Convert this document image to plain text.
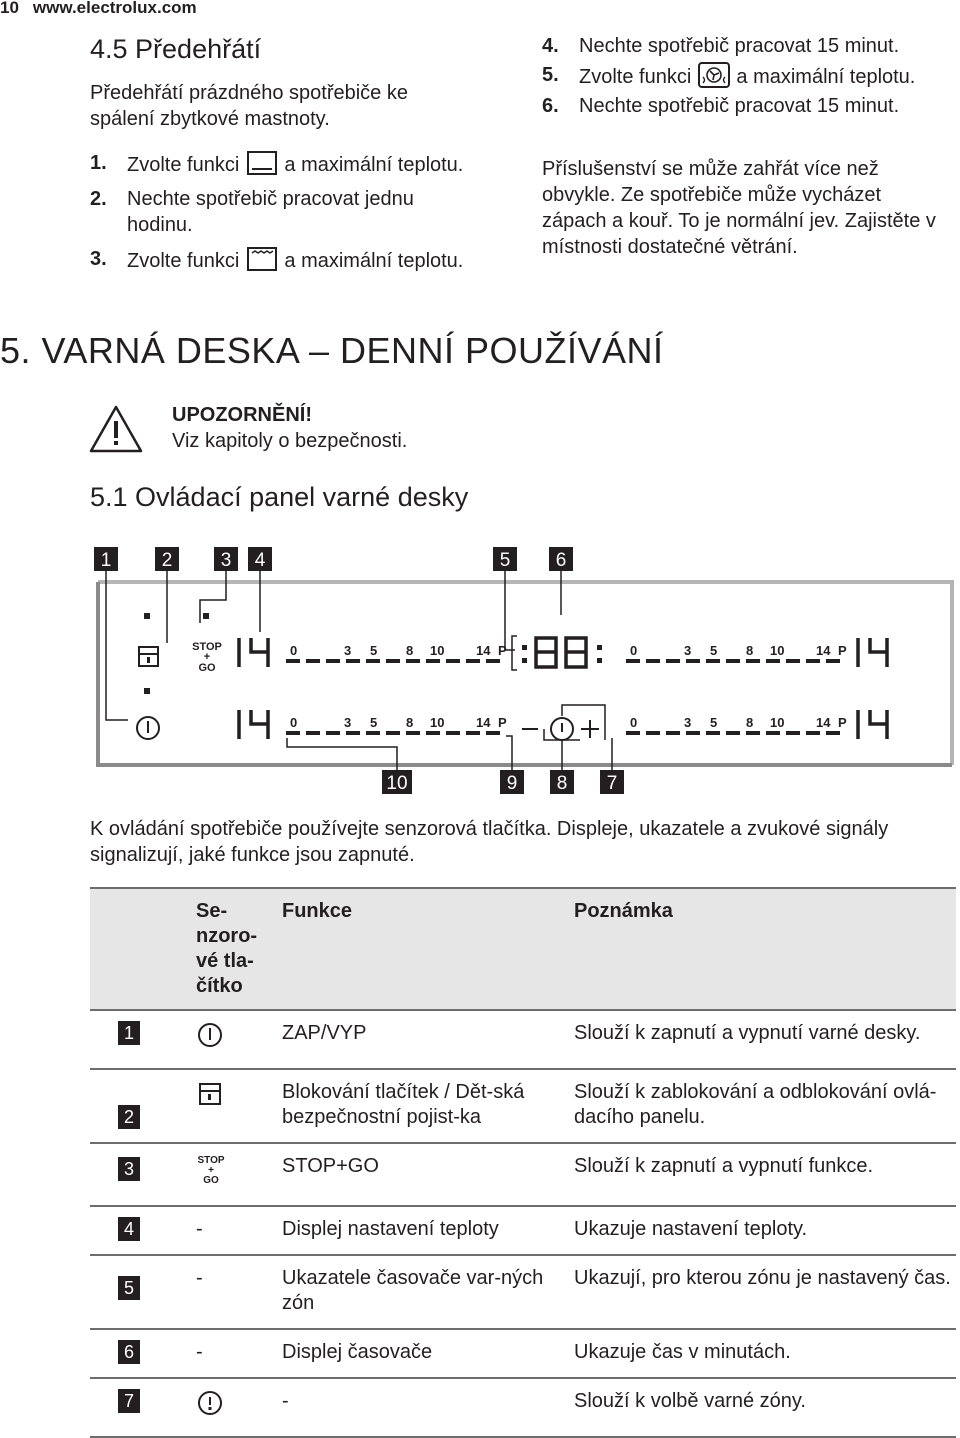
10 www.electrolux.com
4.5 Předehřátí

Předehřátí prázdného spotřebiče ke spálení zbytkové mastnoty.

1. Zvolte funkci a maximální teplotu.
2. Nechte spotřebič pracovat jednu hodinu.
3. Zvolte funkci a maximální teplotu.
4. Nechte spotřebič pracovat 15 minut.
5. Zvolte funkci a maximální teplotu.
6. Nechte spotřebič pracovat 15 minut.

Příslušenství se může zahřát více než obvykle. Ze spotřebiče může vycházet zápach a kouř. To je normální jev. Zajistěte v místnosti dostatečné větrání.

5. VARNÁ DESKA – DENNÍ POUŽÍVÁNÍ
UPOZORNĚNÍ!
Viz kapitoly o bezpečnosti.
5.1 Ovládací panel varné desky
1	2	3 4	5 6
STOP
+
GO
0	3 5 8 10 14 P
0	3 5 8 10 14 P
0	3 5 8 10 14 P
0	3 5 8 10 14 P
10	9 8 7

K ovládání spotřebiče používejte senzorová tlačítka. Displeje, ukazatele a zvukové signály signalizují, jaké funkce jsou zapnuté.

	Se-
nzoro-
vé tla-
čítko	Funkce	Poznámka
1		ZAP/VYP	Slouží k zapnutí a vypnutí varné desky.
2		Blokování tlačítek / Dět-ská bezpečnostní pojist-ka	Slouží k zablokování a odblokování ovlá-dacího panelu.
3	STOP
+
GO	STOP+GO	Slouží k zapnutí a vypnutí funkce.
4	-	Displej nastavení teploty	Ukazuje nastavení teploty.
5	-	Ukazatele časovače var-ných zón	Ukazují, pro kterou zónu je nastavený čas.
6	-	Displej časovače	Ukazuje čas v minutách.
7		-	Slouží k volbě varné zóny.
